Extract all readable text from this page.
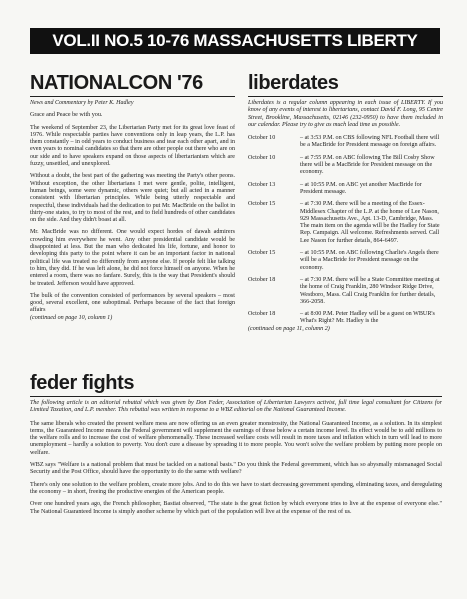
VOL.II NO.5 10-76 MASSACHUSETTS LIBERTY
NATIONALCON '76
News and Commentary by Peter K. Hadley

Grace and Peace be with you.

The weekend of September 23, the Libertarian Party met for its great love feast of 1976. While respectable parties have conventions only in leap years, the L.P. has them constantly – in odd years to conduct business and tear each other apart, and in even years to nominal candidates so that there are other people out there who are on our side and to have speakers expand on those aspects of libertarianism which are fuzzy, unsettled, and unexplored.

Without a doubt, the best part of the gathering was meeting the Party's other peons. Without exception, the other libertarians I met were gentle, polite, intelligent, human beings, some were dynamic, others were quiet; but all acted in a manner consistent with libertarian principles. While being utterly respectable and respectful, these individuals had the dedication to put Mr. MacBride on the ballot in thirty-one states, to try to most of the rest, and to field hundreds of other candidates on the side. And they didn't boast at all.

Mr. MacBride was no different. One would expect hordes of dawah admirers crowding him everywhere he went. Any other presidential candidate would be disappointed at less. But the man who dedicated his life, fortune, and honor to developing this party to the point where it can be an important factor in national political life was treated no differently from anyone else. If people felt like talking to him, they did. If he was left alone, he did not force himself on anyone. When he entered a room, there was no fanfare. Surely, this is the way that President's should be treated. Jefferson would have approved.

The bulk of the convention consisted of performances by several speakers – most good, several excellent, one suboptimal. Perhaps because of the fact that foreign affairs

(continued on page 10, column 1)
liberdates
Liberdates is a regular column appearing in each issue of LIBERTY. If you know of any events of interest to libertarians, contact David F. Long, 95 Centre Street, Brookline, Massachusetts, 02146 (232-0950) to have them included in our calendar. Please try to give as much lead time as possible.
October 10	– at 3:53 P.M. on CBS following NFL Football there will be a MacBride for President message on foreign affairs.
October 10	– at 7:55 P.M. on ABC following The Bill Cosby Show there will be a MacBride for President message on the economy.
October 13	– at 10:55 P.M. on ABC yet another MacBride for President message.
October 15	– at 7:30 P.M. there will be a meeting of the Essex-Middlesex Chapter of the L.P. at the home of Lee Nason, 929 Massachusetts Ave., Apt. 13-D, Cambridge, Mass. The main item on the agenda will be the Hadley for State Rep. Campaign. All welcome. Refreshments served. Call Lee Nason for further details, 864-6497.
October 15	– at 10:55 P.M. on ABC following Charlie's Angels there will be a MacBride for President message on the economy.
October 18	– at 7:30 P.M. there will be a State Committee meeting at the home of Craig Franklin, 280 Windsor Ridge Drive, Westboro, Mass. Call Craig Franklin for further details, 366-2058.
October 18	– at 8:00 P.M. Peter Hadley will be a guest on WBUR's What's Right? Mr. Hadley is the
(continued on page 11, column 2)
feder fights
The following article is an editorial rebuttal which was given by Don Feder, Association of Libertarian Lawyers activist, full time legal consultant for Citizens for Limited Taxation, and L.P. member. This rebuttal was written in response to a WBZ editorial on the National Guaranteed Income.

The same liberals who created the present welfare mess are now offering us an even greater monstrosity, the National Guaranteed Income, as a solution. In its simplest terms, the Guaranteed Income means the Federal government will supplement the earnings of those below a certain income level. Its effect would be to add millions to the welfare rolls and to increase the cost of welfare phenomenally. These increased welfare costs will result in more taxes and inflation which in turn will lead to more unemployment – hardly a solution to poverty. You don't cure a disease by spreading it to more people. You won't solve the welfare problem by putting more people on welfare.

WBZ says "Welfare is a national problem that must be tackled on a national basis." Do you think the Federal government, which has so abysmally mismanaged Social Security and the Post Office, should have the opportunity to do the same with welfare?

There's only one solution to the welfare problem, create more jobs. And to do this we have to start decreasing government spending, eliminating taxes, and deregulating the economy – in short, freeing the productive energies of the American people.

Over one hundred years ago, the French philosopher, Bastiat observed, "The state is the great fiction by which everyone tries to live at the expense of everyone else." The National Guaranteed Income is simply another scheme by which part of the population will live at the expense of the rest of us.
